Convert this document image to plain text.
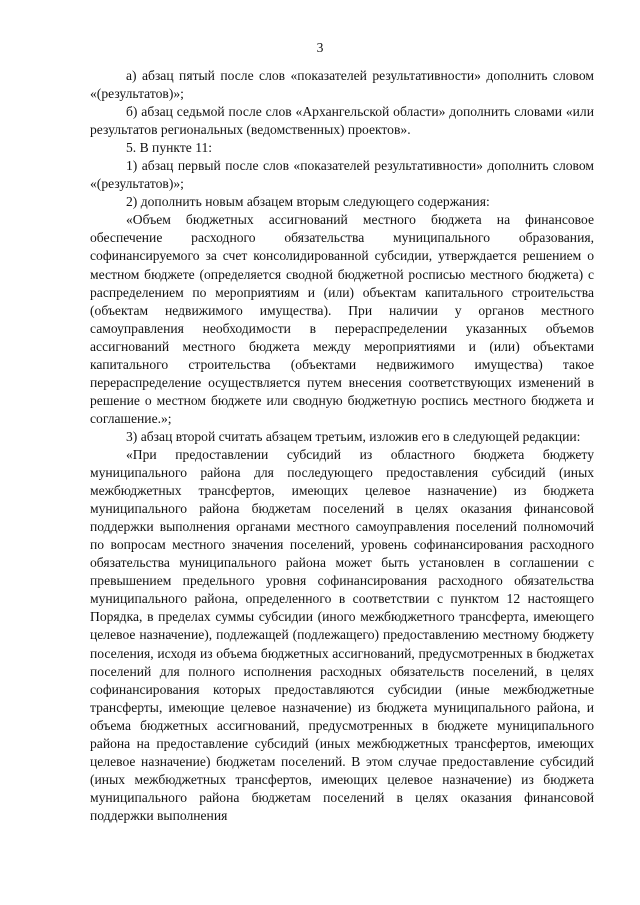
3

а) абзац пятый после слов «показателей результативности» дополнить словом «(результатов)»;

б) абзац седьмой после слов «Архангельской области» дополнить словами «или результатов региональных (ведомственных) проектов».

5. В пункте 11:

1) абзац первый после слов «показателей результативности» дополнить словом «(результатов)»;

2) дополнить новым абзацем вторым следующего содержания:

«Объем бюджетных ассигнований местного бюджета на финансовое обеспечение расходного обязательства муниципального образования, софинансируемого за счет консолидированной субсидии, утверждается решением о местном бюджете (определяется сводной бюджетной росписью местного бюджета) с распределением по мероприятиям и (или) объектам капитального строительства (объектам недвижимого имущества). При наличии у органов местного самоуправления необходимости в перераспределении указанных объемов ассигнований местного бюджета между мероприятиями и (или) объектами капитального строительства (объектами недвижимого имущества) такое перераспределение осуществляется путем внесения соответствующих изменений в решение о местном бюджете или сводную бюджетную роспись местного бюджета и соглашение.»;

3) абзац второй считать абзацем третьим, изложив его в следующей редакции:

«При предоставлении субсидий из областного бюджета бюджету муниципального района для последующего предоставления субсидий (иных межбюджетных трансфертов, имеющих целевое назначение) из бюджета муниципального района бюджетам поселений в целях оказания финансовой поддержки выполнения органами местного самоуправления поселений полномочий по вопросам местного значения поселений, уровень софинансирования расходного обязательства муниципального района может быть установлен в соглашении с превышением предельного уровня софинансирования расходного обязательства муниципального района, определенного в соответствии с пунктом 12 настоящего Порядка, в пределах суммы субсидии (иного межбюджетного трансферта, имеющего целевое назначение), подлежащей (подлежащего) предоставлению местному бюджету поселения, исходя из объема бюджетных ассигнований, предусмотренных в бюджетах поселений для полного исполнения расходных обязательств поселений, в целях софинансирования которых предоставляются субсидии (иные межбюджетные трансферты, имеющие целевое назначение) из бюджета муниципального района, и объема бюджетных ассигнований, предусмотренных в бюджете муниципального района на предоставление субсидий (иных межбюджетных трансфертов, имеющих целевое назначение) бюджетам поселений. В этом случае предоставление субсидий (иных межбюджетных трансфертов, имеющих целевое назначение) из бюджета муниципального района бюджетам поселений в целях оказания финансовой поддержки выполнения
